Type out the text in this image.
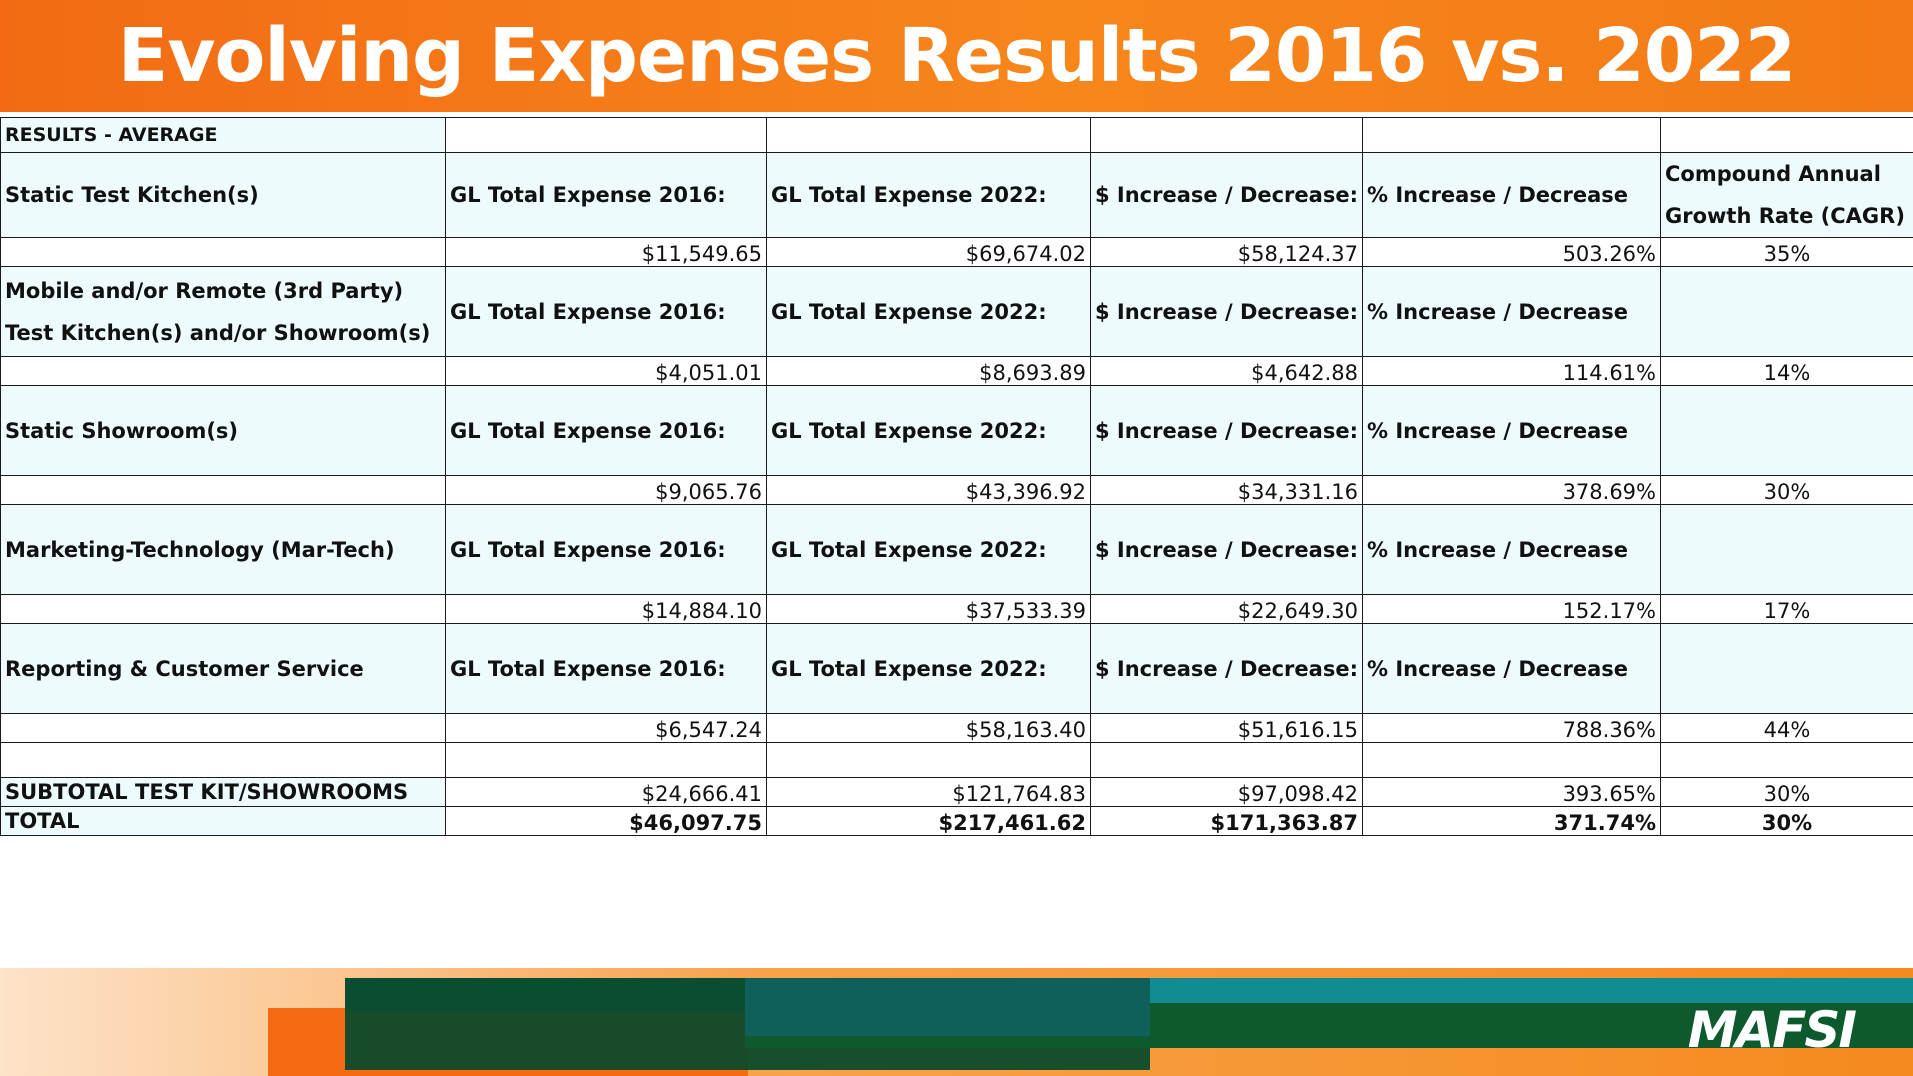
Evolving Expenses Results 2016 vs. 2022
RESULTS - AVERAGE					
Static Test Kitchen(s)	GL Total Expense 2016:	GL Total Expense 2022:	$ Increase / Decrease:	% Increase / Decrease	Compound Annual Growth Rate (CAGR)
	$11,549.65	$69,674.02	$58,124.37	503.26%	35%
Mobile and/or Remote (3rd Party) Test Kitchen(s) and/or Showroom(s)	GL Total Expense 2016:	GL Total Expense 2022:	$ Increase / Decrease:	% Increase / Decrease	
	$4,051.01	$8,693.89	$4,642.88	114.61%	14%
Static Showroom(s)	GL Total Expense 2016:	GL Total Expense 2022:	$ Increase / Decrease:	% Increase / Decrease	
	$9,065.76	$43,396.92	$34,331.16	378.69%	30%
Marketing-Technology (Mar-Tech)	GL Total Expense 2016:	GL Total Expense 2022:	$ Increase / Decrease:	% Increase / Decrease	
	$14,884.10	$37,533.39	$22,649.30	152.17%	17%
Reporting & Customer Service	GL Total Expense 2016:	GL Total Expense 2022:	$ Increase / Decrease:	% Increase / Decrease	
	$6,547.24	$58,163.40	$51,616.15	788.36%	44%

SUBTOTAL TEST KIT/SHOWROOMS	$24,666.41	$121,764.83	$97,098.42	393.65%	30%
TOTAL	$46,097.75	$217,461.62	$171,363.87	371.74%	30%
MAFSI
